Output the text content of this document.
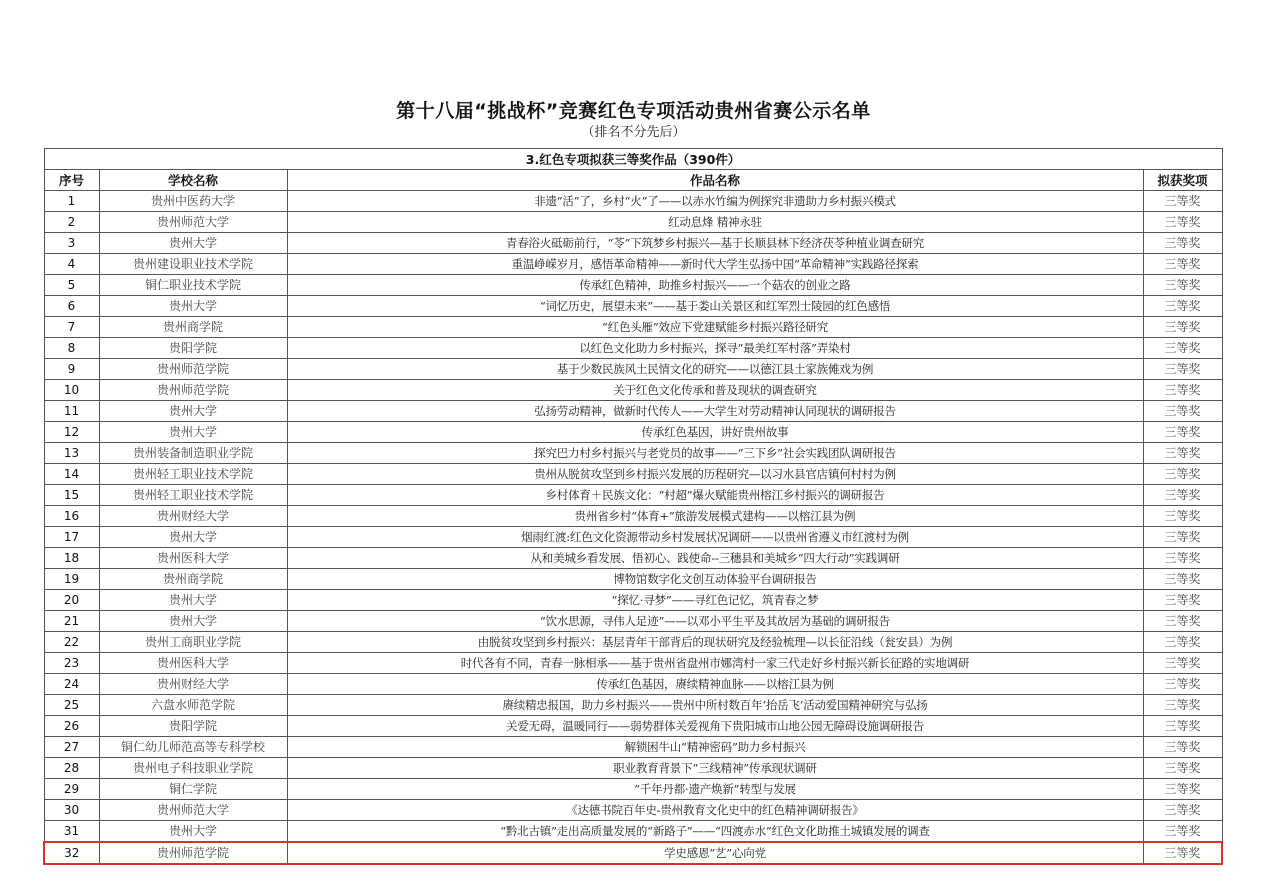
第十八届“挑战杯”竞赛红色专项活动贵州省赛公示名单
（排名不分先后）
3.红色专项拟获三等奖作品（390件）			
序号	学校名称	作品名称	拟获奖项
1	贵州中医药大学	非遗“活”了，乡村“火”了——以赤水竹编为例探究非遗助力乡村振兴模式	三等奖
2	贵州师范大学	红动息烽 精神永驻	三等奖
3	贵州大学	青春浴火砥砺前行，“苓”下筑梦乡村振兴—基于长顺县林下经济茯苓种植业调查研究	三等奖
4	贵州建设职业技术学院	重温峥嵘岁月，感悟革命精神——新时代大学生弘扬中国“革命精神”实践路径探索	三等奖
5	铜仁职业技术学院	传承红色精神，助推乡村振兴——一个菇农的创业之路	三等奖
6	贵州大学	“词忆历史，展望未来”——基于娄山关景区和红军烈士陵园的红色感悟	三等奖
7	贵州商学院	“红色头雁”效应下党建赋能乡村振兴路径研究	三等奖
8	贵阳学院	以红色文化助力乡村振兴，探寻“最美红军村落”弄染村	三等奖
9	贵州师范学院	基于少数民族风土民情文化的研究——以德江县土家族傩戏为例	三等奖
10	贵州师范学院	关于红色文化传承和普及现状的调查研究	三等奖
11	贵州大学	弘扬劳动精神，做新时代传人——大学生对劳动精神认同现状的调研报告	三等奖
12	贵州大学	传承红色基因，讲好贵州故事	三等奖
13	贵州装备制造职业学院	探究巴力村乡村振兴与老党员的故事——“三下乡”社会实践团队调研报告	三等奖
14	贵州轻工职业技术学院	贵州从脱贫攻坚到乡村振兴发展的历程研究—以习水县官店镇何村村为例	三等奖
15	贵州轻工职业技术学院	乡村体育＋民族文化：“村超”爆火赋能贵州榕江乡村振兴的调研报告	三等奖
16	贵州财经大学	贵州省乡村“体育+”旅游发展模式建构——以榕江县为例	三等奖
17	贵州大学	烟雨红渡:红色文化资源带动乡村发展状况调研——以贵州省遵义市红渡村为例	三等奖
18	贵州医科大学	从和美城乡看发展、悟初心、践使命--三穗县和美城乡“四大行动”实践调研	三等奖
19	贵州商学院	博物馆数字化文创互动体验平台调研报告	三等奖
20	贵州大学	“探忆·寻梦”——寻红色记忆，筑青春之梦	三等奖
21	贵州大学	“饮水思源，寻伟人足迹”——以邓小平生平及其故居为基础的调研报告	三等奖
22	贵州工商职业学院	由脱贫攻坚到乡村振兴：基层青年干部背后的现状研究及经验梳理—以长征沿线（瓮安县）为例	三等奖
23	贵州医科大学	时代各有不同，青春一脉相承——基于贵州省盘州市娜湾村一家三代走好乡村振兴新长征路的实地调研	三等奖
24	贵州财经大学	传承红色基因，赓续精神血脉——以榕江县为例	三等奖
25	六盘水师范学院	赓续精忠报国，助力乡村振兴——贵州中所村数百年‘抬岳飞’活动爱国精神研究与弘扬	三等奖
26	贵阳学院	关爱无碍，温暖同行——弱势群体关爱视角下贵阳城市山地公园无障碍设施调研报告	三等奖
27	铜仁幼儿师范高等专科学校	解锁困牛山“精神密码”助力乡村振兴	三等奖
28	贵州电子科技职业学院	职业教育背景下“三线精神”传承现状调研	三等奖
29	铜仁学院	“千年丹都·遗产焕新”转型与发展	三等奖
30	贵州师范大学	《达德书院百年史-贵州教育文化史中的红色精神调研报告》	三等奖
31	贵州大学	“黔北古镇”走出高质量发展的“新路子”——“四渡赤水”红色文化助推土城镇发展的调查	三等奖
32	贵州师范学院	学史感恩“艺”心向党	三等奖
